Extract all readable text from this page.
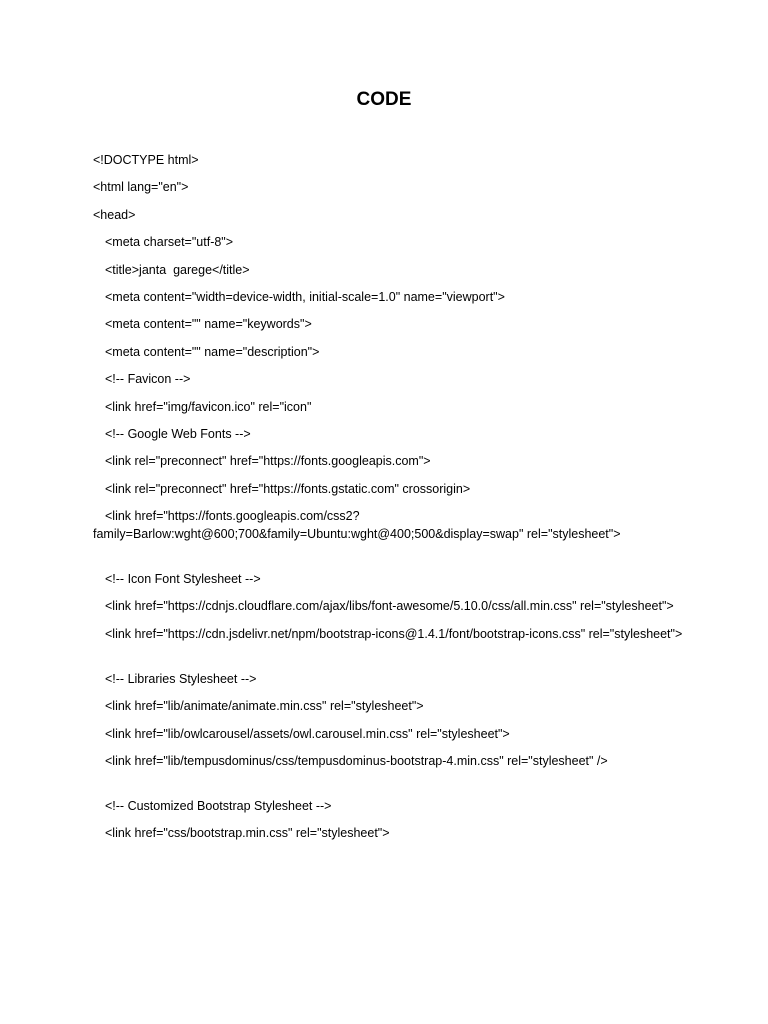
CODE
<!DOCTYPE html>
<html lang="en">
<head>
<meta charset="utf-8">
<title>janta  garege</title>
<meta content="width=device-width, initial-scale=1.0" name="viewport">
<meta content="" name="keywords">
<meta content="" name="description">
<!-- Favicon -->
<link href="img/favicon.ico" rel="icon"
<!-- Google Web Fonts -->
<link rel="preconnect" href="https://fonts.googleapis.com">
<link rel="preconnect" href="https://fonts.gstatic.com" crossorigin>
<link href="https://fonts.googleapis.com/css2?family=Barlow:wght@600;700&family=Ubuntu:wght@400;500&display=swap" rel="stylesheet">
<!-- Icon Font Stylesheet -->
<link href="https://cdnjs.cloudflare.com/ajax/libs/font-awesome/5.10.0/css/all.min.css" rel="stylesheet">
<link href="https://cdn.jsdelivr.net/npm/bootstrap-icons@1.4.1/font/bootstrap-icons.css" rel="stylesheet">
<!-- Libraries Stylesheet -->
<link href="lib/animate/animate.min.css" rel="stylesheet">
<link href="lib/owlcarousel/assets/owl.carousel.min.css" rel="stylesheet">
<link href="lib/tempusdominus/css/tempusdominus-bootstrap-4.min.css" rel="stylesheet" />
<!-- Customized Bootstrap Stylesheet -->
<link href="css/bootstrap.min.css" rel="stylesheet">
